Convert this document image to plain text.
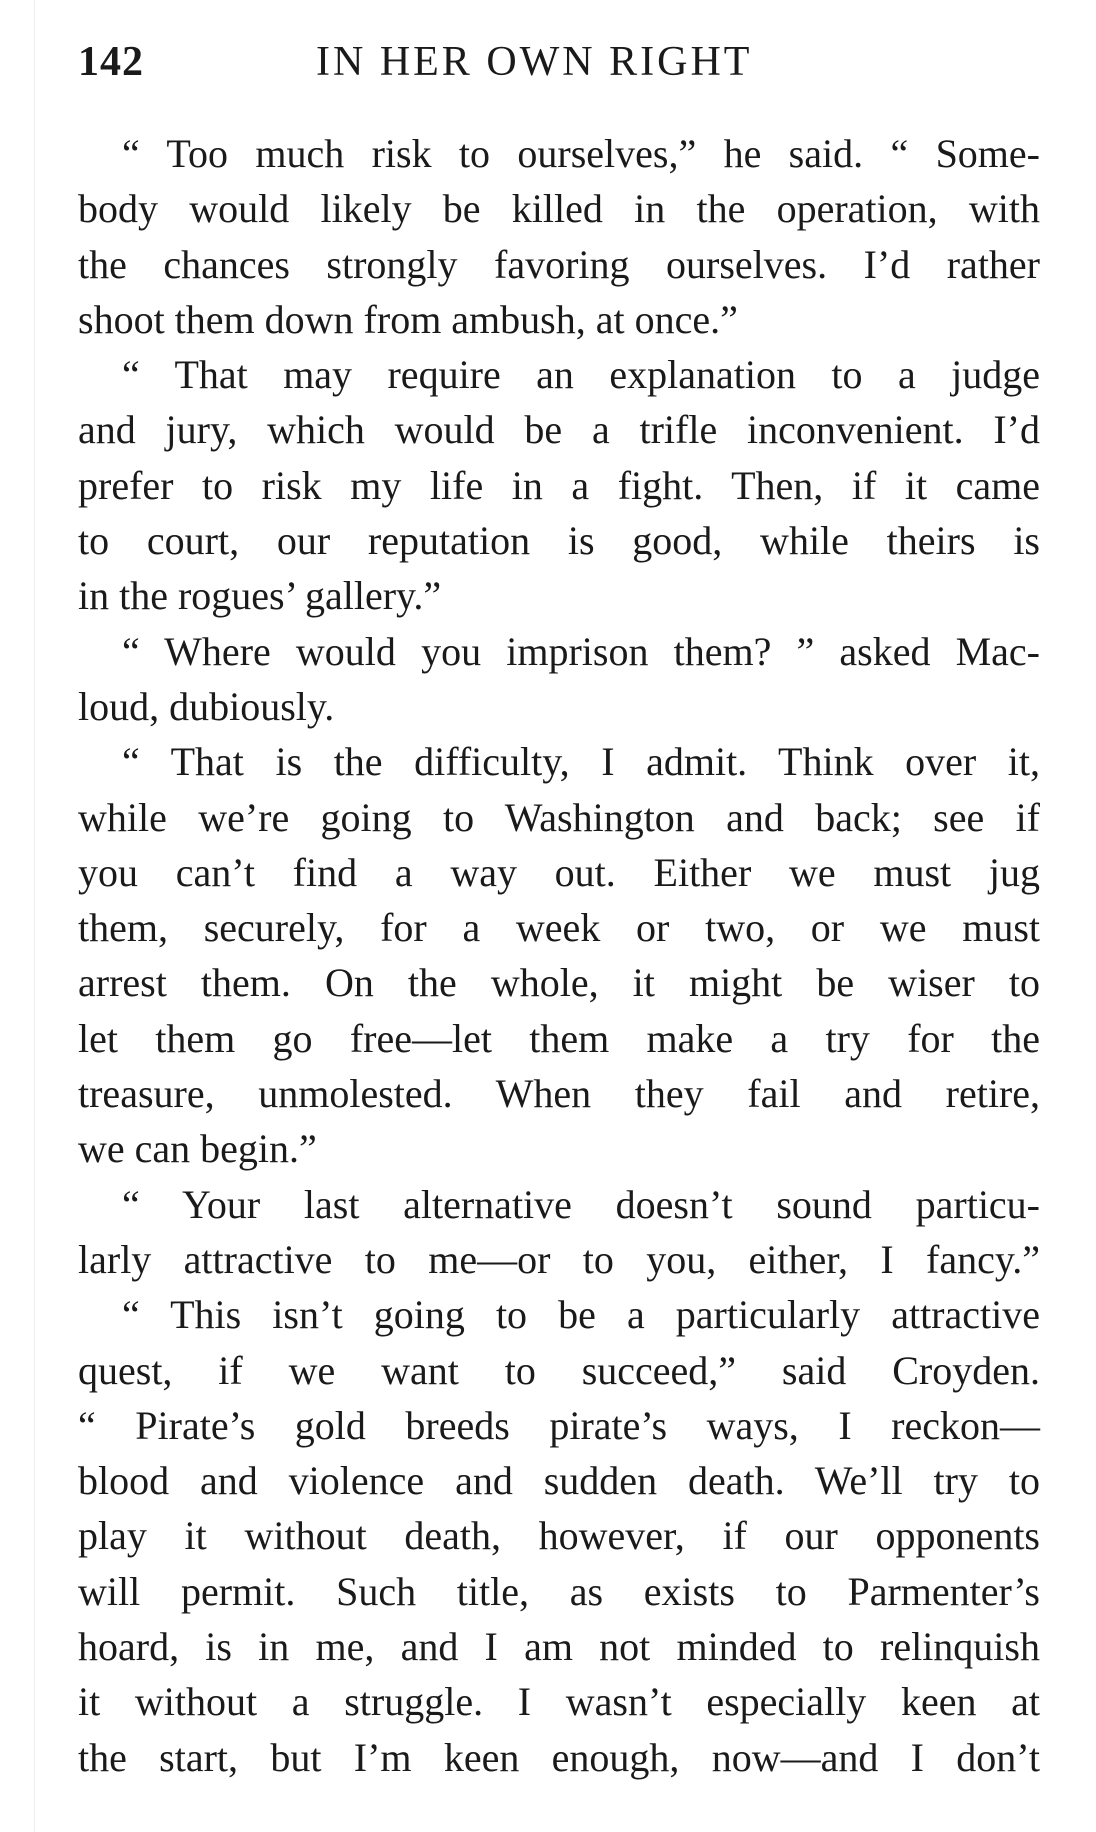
142	IN HER OWN RIGHT
“ Too much risk to ourselves,” he said. “ Some-
body would likely be killed in the operation, with
the chances strongly favoring ourselves. I’d rather
shoot them down from ambush, at once.”
“ That may require an explanation to a judge
and jury, which would be a trifle inconvenient. I’d
prefer to risk my life in a fight. Then, if it came
to court, our reputation is good, while theirs is
in the rogues’ gallery.”
“ Where would you imprison them? ” asked Mac-
loud, dubiously.
“ That is the difficulty, I admit. Think over it,
while we’re going to Washington and back; see if
you can’t find a way out. Either we must jug
them, securely, for a week or two, or we must
arrest them. On the whole, it might be wiser to
let them go free—let them make a try for the
treasure, unmolested. When they fail and retire,
we can begin.”
“ Your last alternative doesn’t sound particu-
larly attractive to me—or to you, either, I fancy.”
“ This isn’t going to be a particularly attractive
quest, if we want to succeed,” said Croyden.
“ Pirate’s gold breeds pirate’s ways, I reckon—
blood and violence and sudden death. We’ll try to
play it without death, however, if our opponents
will permit. Such title, as exists to Parmenter’s
hoard, is in me, and I am not minded to relinquish
it without a struggle. I wasn’t especially keen at
the start, but I’m keen enough, now—and I don’t
